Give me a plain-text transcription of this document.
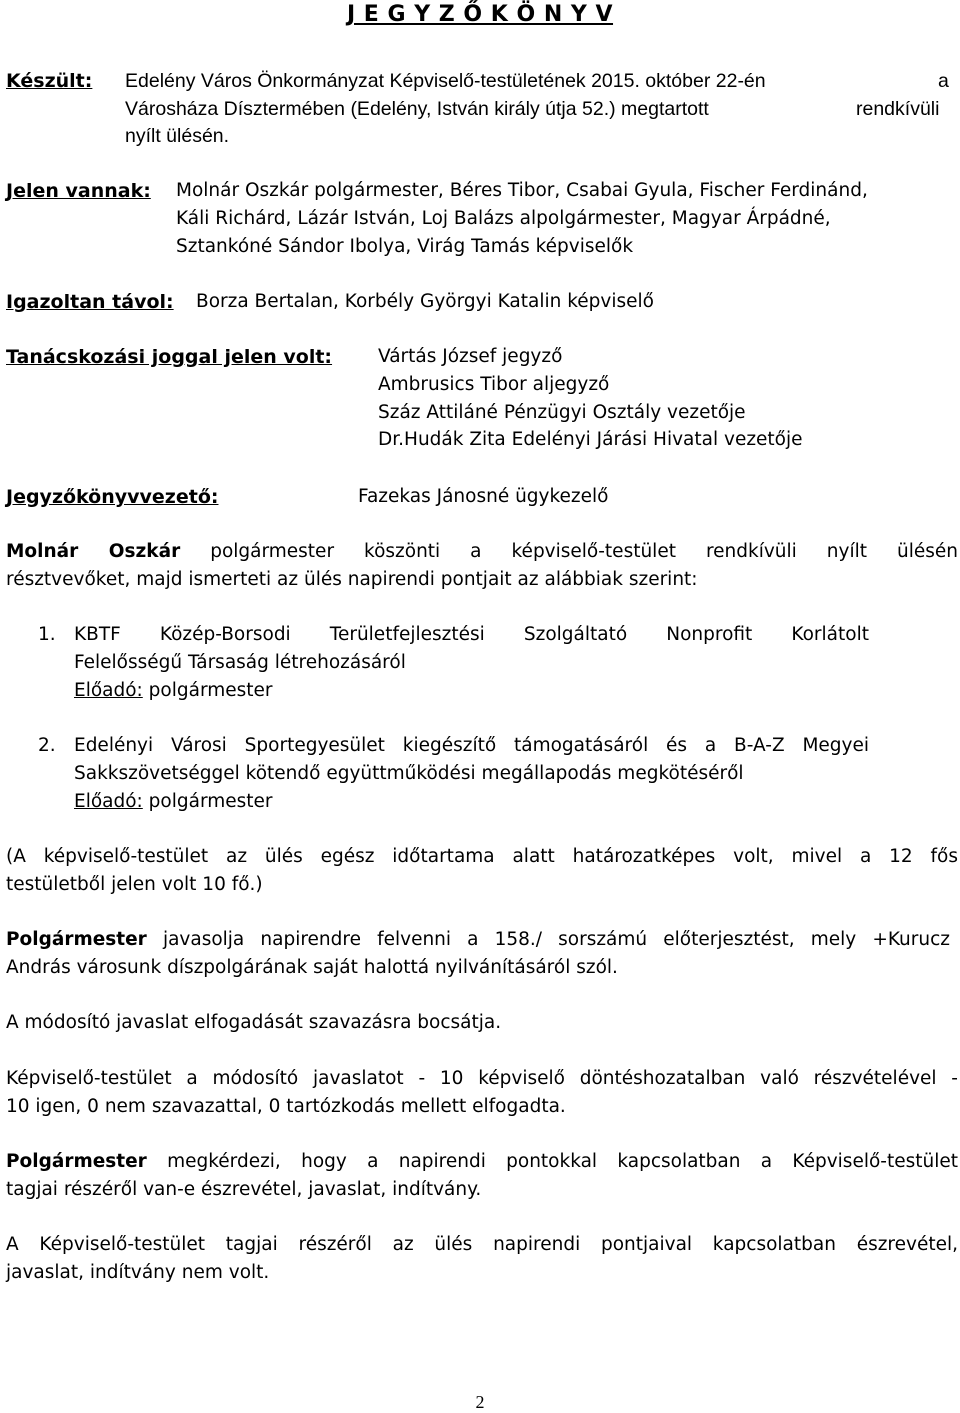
J E G Y Z Ő K Ö N Y V
Készült: Edelény Város Önkormányzat Képviselő-testületének 2015. október 22-én	a
Városháza Dísztermében (Edelény, István király útja 52.) megtartott	rendkívüli
nyílt ülésén.
Jelen vannak: Molnár Oszkár polgármester, Béres Tibor, Csabai Gyula, Fischer Ferdinánd,
Káli Richárd, Lázár István, Loj Balázs alpolgármester, Magyar Árpádné,
Sztankóné Sándor Ibolya, Virág Tamás képviselők
Igazoltan távol: Borza Bertalan, Korbély Györgyi Katalin képviselő
Tanácskozási joggal jelen volt: Vártás József jegyző
Ambrusics Tibor aljegyző
Száz Attiláné Pénzügyi Osztály vezetője
Dr.Hudák Zita Edelényi Járási Hivatal vezetője
Jegyzőkönyvvezető:	Fazekas Jánosné ügykezelő
Molnár Oszkár polgármester köszönti a képviselő-testület rendkívüli nyílt ülésén
résztvevőket, majd ismerteti az ülés napirendi pontjait az alábbiak szerint:
1. KBTF Közép-Borsodi Területfejlesztési Szolgáltató Nonprofit Korlátolt
Felelősségű Társaság létrehozásáról
Előadó: polgármester
2. Edelényi Városi Sportegyesület kiegészítő támogatásáról és a B-A-Z Megyei
Sakkszövetséggel kötendő együttműködési megállapodás megkötéséről
Előadó: polgármester
(A képviselő-testület az ülés egész időtartama alatt határozatképes volt, mivel a 12 fős
testületből jelen volt 10 fő.)
Polgármester javasolja napirendre felvenni a 158./ sorszámú előterjesztést, mely +Kurucz
András városunk díszpolgárának saját halottá nyilvánításáról szól.
A módosító javaslat elfogadását szavazásra bocsátja.
Képviselő-testület a módosító javaslatot - 10 képviselő döntéshozatalban való részvételével -
10 igen, 0 nem szavazattal, 0 tartózkodás mellett elfogadta.
Polgármester megkérdezi, hogy a napirendi pontokkal kapcsolatban a Képviselő-testület
tagjai részéről van-e észrevétel, javaslat, indítvány.
A Képviselő-testület tagjai részéről az ülés napirendi pontjaival kapcsolatban észrevétel,
javaslat, indítvány nem volt.
2
